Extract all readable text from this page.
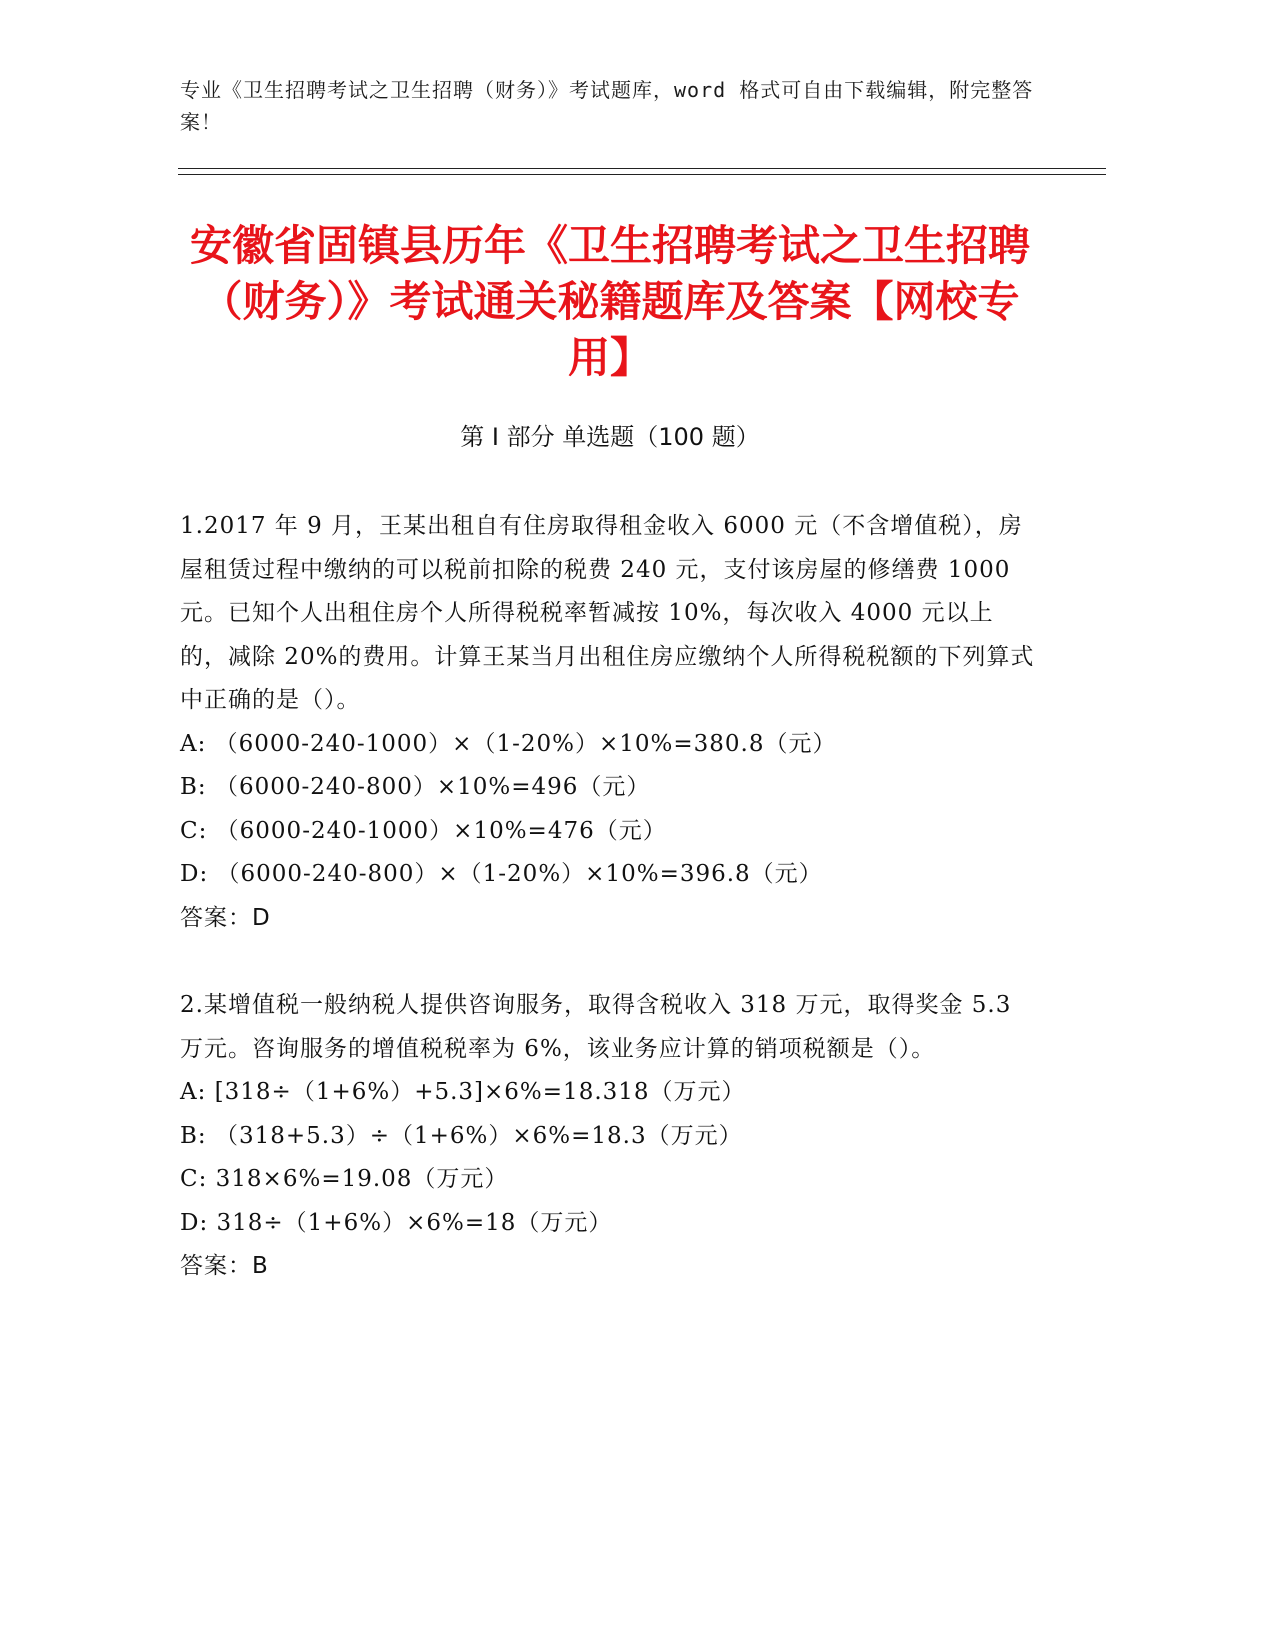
专业《卫生招聘考试之卫生招聘（财务）》考试题库，word 格式可自由下载编辑，附完整答案！
安徽省固镇县历年《卫生招聘考试之卫生招聘（财务）》考试通关秘籍题库及答案【网校专用】
第 I 部分 单选题（100 题）

1.2017 年 9 月，王某出租自有住房取得租金收入 6000 元（不含增值税），房屋租赁过程中缴纳的可以税前扣除的税费 240 元，支付该房屋的修缮费 1000 元。已知个人出租住房个人所得税税率暂减按 10%，每次收入 4000 元以上的，减除 20%的费用。计算王某当月出租住房应缴纳个人所得税税额的下列算式中正确的是（）。

A: （6000-240-1000）×（1-20%）×10%=380.8（元）

B: （6000-240-800）×10%=496（元）

C: （6000-240-1000）×10%=476（元）

D: （6000-240-800）×（1-20%）×10%=396.8（元）

答案：D

2.某增值税一般纳税人提供咨询服务，取得含税收入 318 万元，取得奖金 5.3 万元。咨询服务的增值税税率为 6%，该业务应计算的销项税额是（）。

A: [318÷（1+6%）+5.3]×6%=18.318（万元）

B: （318+5.3）÷（1+6%）×6%=18.3（万元）

C: 318×6%=19.08（万元）

D: 318÷（1+6%）×6%=18（万元）

答案：B
